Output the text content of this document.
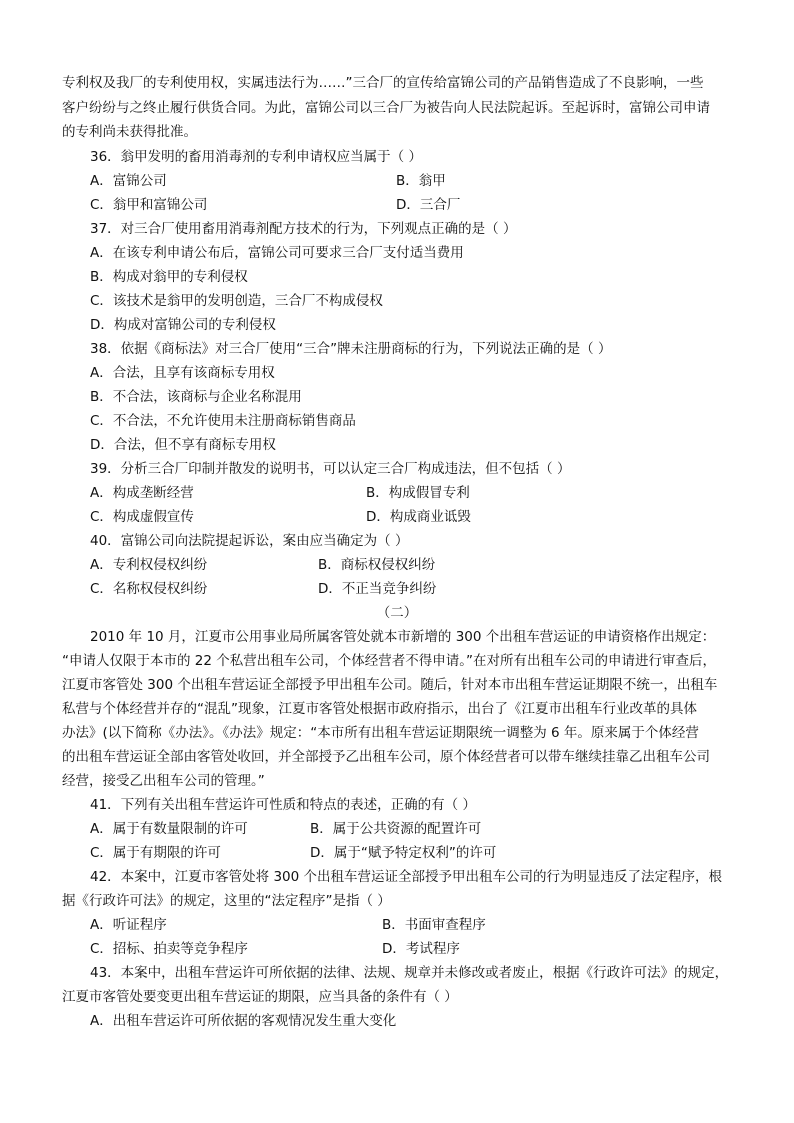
专利权及我厂的专利使用权，实属违法行为……”三合厂的宣传给富锦公司的产品销售造成了不良影响，一些
客户纷纷与之终止履行供货合同。为此，富锦公司以三合厂为被告向人民法院起诉。至起诉时，富锦公司申请
的专利尚未获得批准。
36．翁甲发明的畜用消毒剂的专利申请权应当属于（ ）
A．富锦公司	B．翁甲
C．翁甲和富锦公司	D．三合厂
37．对三合厂使用畜用消毒剂配方技术的行为，下列观点正确的是（ ）
A．在该专利申请公布后，富锦公司可要求三合厂支付适当费用
B．构成对翁甲的专利侵权
C．该技术是翁甲的发明创造，三合厂不构成侵权
D．构成对富锦公司的专利侵权
38．依据《商标法》对三合厂使用“三合”牌未注册商标的行为，下列说法正确的是（ ）
A．合法，且享有该商标专用权
B．不合法，该商标与企业名称混用
C．不合法，不允许使用未注册商标销售商品
D．合法，但不享有商标专用权
39．分析三合厂印制并散发的说明书，可以认定三合厂构成违法，但不包括（ ）
A．构成垄断经营	B．构成假冒专利
C．构成虚假宣传	D．构成商业诋毁
40．富锦公司向法院提起诉讼，案由应当确定为（ ）
A．专利权侵权纠纷	B．商标权侵权纠纷
C．名称权侵权纠纷	D．不正当竞争纠纷
（二）
2010 年 10 月，江夏市公用事业局所属客管处就本市新增的 300 个出租车营运证的申请资格作出规定：
“申请人仅限于本市的 22 个私营出租车公司，个体经营者不得申请。”在对所有出租车公司的申请进行审查后，
江夏市客管处 300 个出租车营运证全部授予甲出租车公司。随后，针对本市出租车营运证期限不统一，出租车
私营与个体经营并存的“混乱”现象，江夏市客管处根据市政府指示，出台了《江夏市出租车行业改革的具体
办法》(以下简称《办法》。《办法》规定：“本市所有出租车营运证期限统一调整为 6 年。原来属于个体经营
的出租车营运证全部由客管处收回，并全部授予乙出租车公司，原个体经营者可以带车继续挂靠乙出租车公司
经营，接受乙出租车公司的管理。”
41．下列有关出租车营运许可性质和特点的表述，正确的有（ ）
A．属于有数量限制的许可	B．属于公共资源的配置许可
C．属于有期限的许可	D．属于“赋予特定权利”的许可
42．本案中，江夏市客管处将 300 个出租车营运证全部授予甲出租车公司的行为明显违反了法定程序，根
据《行政许可法》的规定，这里的“法定程序”是指（ ）
A．听证程序	B．书面审查程序
C．招标、拍卖等竞争程序	D．考试程序
43．本案中，出租车营运许可所依据的法律、法规、规章并未修改或者废止，根据《行政许可法》的规定，
江夏市客管处要变更出租车营运证的期限，应当具备的条件有（ ）
A．出租车营运许可所依据的客观情况发生重大变化
